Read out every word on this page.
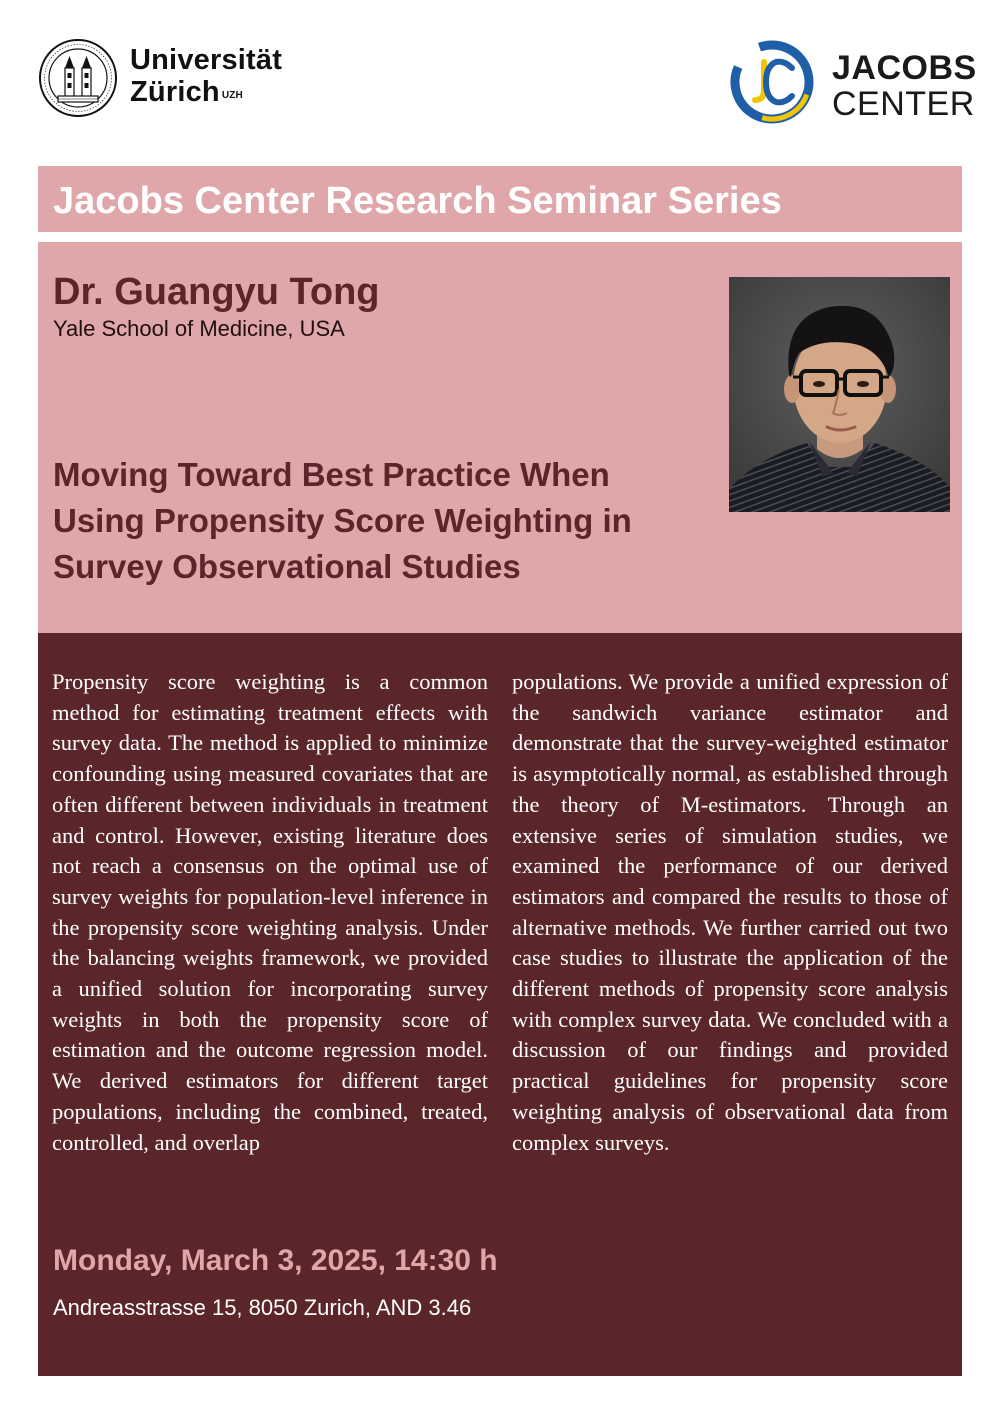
Universität
Zürich $^{UZH}$
JACOBS
CENTER
Jacobs Center Research Seminar Series
Dr. Guangyu Tong
Yale School of Medicine, USA
Moving Toward Best Practice When Using Propensity Score Weighting in Survey Observational Studies
Propensity score weighting is a common method for estimating treatment effects with survey data. The method is applied to minimize confounding using measured covariates that are often different between individuals in treatment and control. However, existing literature does not reach a consensus on the optimal use of survey weights for population-level inference in the propensity score weighting analysis. Under the balancing weights framework, we provided a unified solution for incorporating survey weights in both the propensity score of estimation and the outcome regression model. We derived estimators for different target populations, including the combined, treated, controlled, and overlap
populations. We provide a unified expression of the sandwich variance estimator and demonstrate that the survey-weighted estimator is asymptotically normal, as established through the theory of M-estimators. Through an extensive series of simulation studies, we examined the performance of our derived estimators and compared the results to those of alternative methods. We further carried out two case studies to illustrate the application of the different methods of propensity score analysis with complex survey data. We concluded with a discussion of our findings and provided practical guidelines for propensity score weighting analysis of observational data from complex surveys.
Monday, March 3, 2025, 14:30 h
Andreasstrasse 15, 8050 Zurich, AND 3.46
